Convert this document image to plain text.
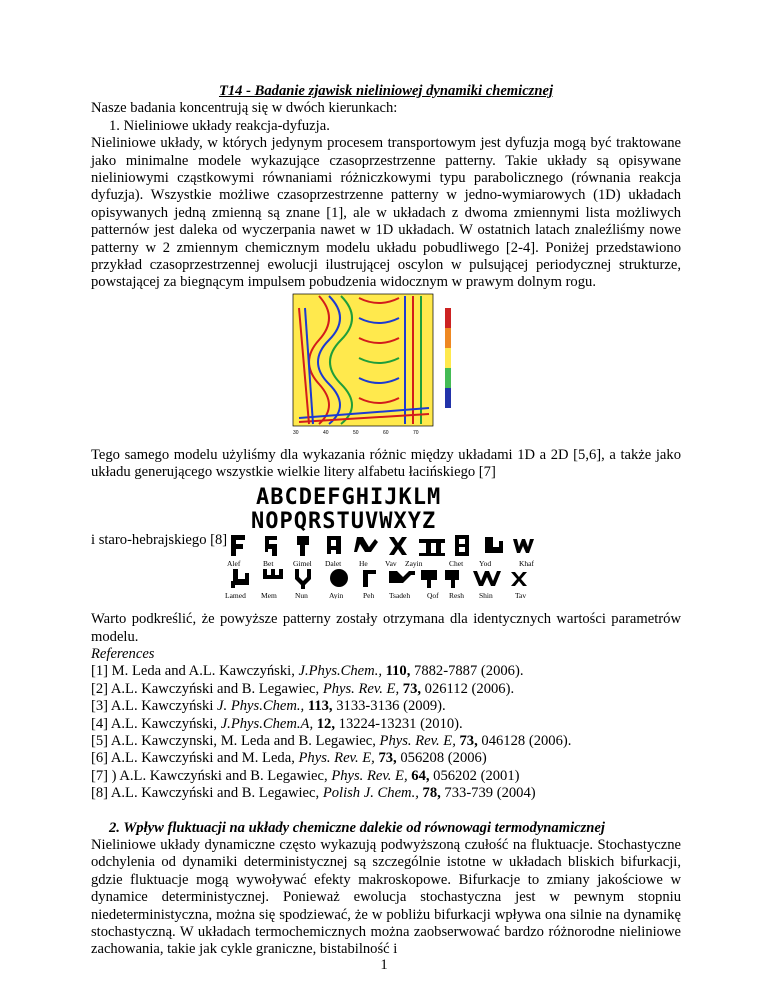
T14 - Badanie zjawisk nieliniowej dynamiki chemicznej
Nasze badania koncentrują się w dwóch kierunkach:
1. Nieliniowe układy reakcja-dyfuzja.
Nieliniowe układy, w których jedynym procesem transportowym jest dyfuzja mogą być traktowane jako minimalne modele wykazujące czasoprzestrzenne patterny. Takie układy są opisywane nieliniowymi cząstkowymi równaniami różniczkowymi typu parabolicznego (równania reakcja dyfuzja). Wszystkie możliwe czasoprzestrzenne patterny w jedno-wymiarowych (1D) układach opisywanych jedną zmienną są znane [1], ale w układach z dwoma zmiennymi lista możliwych patternów jest daleka od wyczerpania nawet w 1D układach. W ostatnich latach znaleźliśmy nowe patterny w 2 zmiennym chemicznym modelu układu pobudliwego [2-4]. Poniżej przedstawiono przykład czasoprzestrzennej ewolucji ilustrującej oscylon w pulsującej periodycznej strukturze, powstającej za biegnącym impulsem pobudzenia widocznym w prawym dolnym rogu.
30	40	50	60	70
Tego samego modelu użyliśmy dla wykazania różnic między układami 1D a 2D [5,6], a także jako układu generującego wszystkie wielkie litery alfabetu łacińskiego [7]
ABCDEFGHIJKLM
NOPQRSTUVWXYZ
i staro-hebrajskiego [8]
Alef	Bet	Gimel Dalet He Vav Zayin	Chet Yod	Khaf
Lamed Mem Nun	Ayin	Peh Tsadeh Qof Resh Shin	Tav
Warto podkreślić, że powyższe patterny zostały otrzymana dla identycznych wartości parametrów modelu.
References
[1] M. Leda and A.L. Kawczyński, J.Phys.Chem., 110, 7882-7887 (2006).
[2] A.L. Kawczyński and B. Legawiec, Phys. Rev. E, 73, 026112 (2006).
[3] A.L. Kawczyński J. Phys.Chem., 113, 3133-3136 (2009).
[4] A.L. Kawczyński, J.Phys.Chem.A, 12, 13224-13231 (2010).
[5] A.L. Kawczynski, M. Leda and B. Legawiec, Phys. Rev. E, 73, 046128 (2006).
[6] A.L. Kawczyński and M. Leda, Phys. Rev. E, 73, 056208 (2006)
[7] ) A.L. Kawczyński and B. Legawiec, Phys. Rev. E, 64, 056202 (2001)
[8] A.L. Kawczyński and B. Legawiec, Polish J. Chem., 78, 733-739 (2004)
2. Wpływ fluktuacji na układy chemiczne dalekie od równowagi termodynamicznej
Nieliniowe układy dynamiczne często wykazują podwyższoną czułość na fluktuacje. Stochastyczne odchylenia od dynamiki deterministycznej są szczególnie istotne w układach bliskich bifurkacji, gdzie fluktuacje mogą wywoływać efekty makroskopowe. Bifurkacje to zmiany jakościowe w dynamice deterministycznej. Ponieważ ewolucja stochastyczna jest w pewnym stopniu niedeterministyczna, można się spodziewać, że w pobliżu bifurkacji wpływa ona silnie na dynamikę stochastyczną. W układach termochemicznych można zaobserwować bardzo różnorodne nieliniowe zachowania, takie jak cykle graniczne, bistabilność i
1
